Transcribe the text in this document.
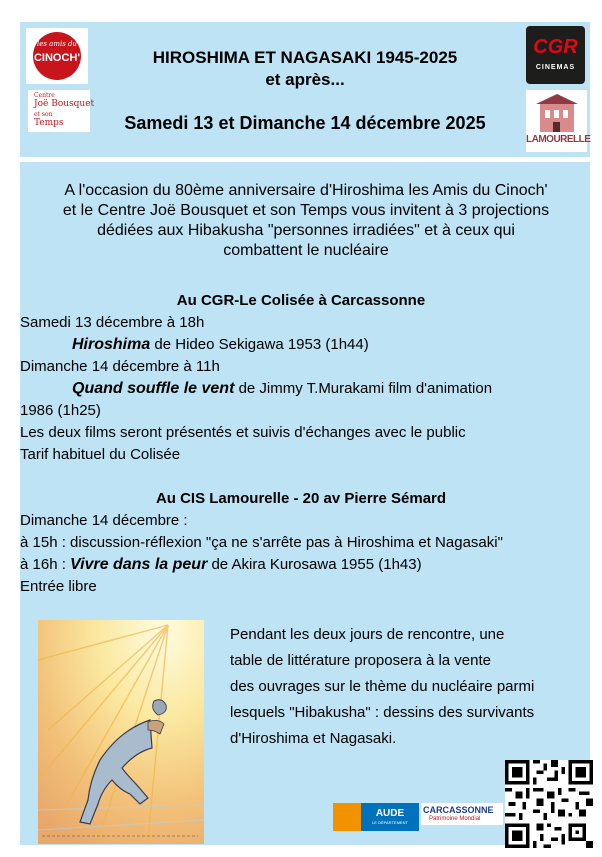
les amis du
CINOCH'
Centre
Joë Bousquet
et son
Temps
HIROSHIMA ET NAGASAKI 1945-2025
et après...
Samedi 13 et Dimanche 14 décembre 2025
CGR
CINEMAS
LAMOURELLE
A l'occasion du 80ème anniversaire d'Hiroshima les Amis du Cinoch' et le Centre Joë Bousquet et son Temps vous invitent à 3 projections dédiées aux Hibakusha "personnes irradiées" et à ceux qui combattent le nucléaire
Au CGR-Le Colisée à Carcassonne
Samedi 13 décembre à 18h
Hiroshima de Hideo Sekigawa 1953 (1h44)
Dimanche 14 décembre à 11h
Quand souffle le vent de Jimmy T.Murakami film d'animation
1986 (1h25)
Les deux films seront présentés et suivis d'échanges avec le public
Tarif habituel du Colisée
Au CIS Lamourelle - 20 av Pierre Sémard
Dimanche 14 décembre :
à 15h : discussion-réflexion "ça ne s'arrête pas à Hiroshima et Nagasaki"
à 16h : Vivre dans la peur de Akira Kurosawa 1955 (1h43)
Entrée libre
Pendant les deux jours de rencontre, une
table de littérature proposera à la vente
des ouvrages sur le thème du nucléaire parmi
lesquels "Hibakusha" : dessins des survivants
d'Hiroshima et Nagasaki.
AUDE
LE DÉPARTEMENT
CARCASSONNE
Patrimoine Mondial
